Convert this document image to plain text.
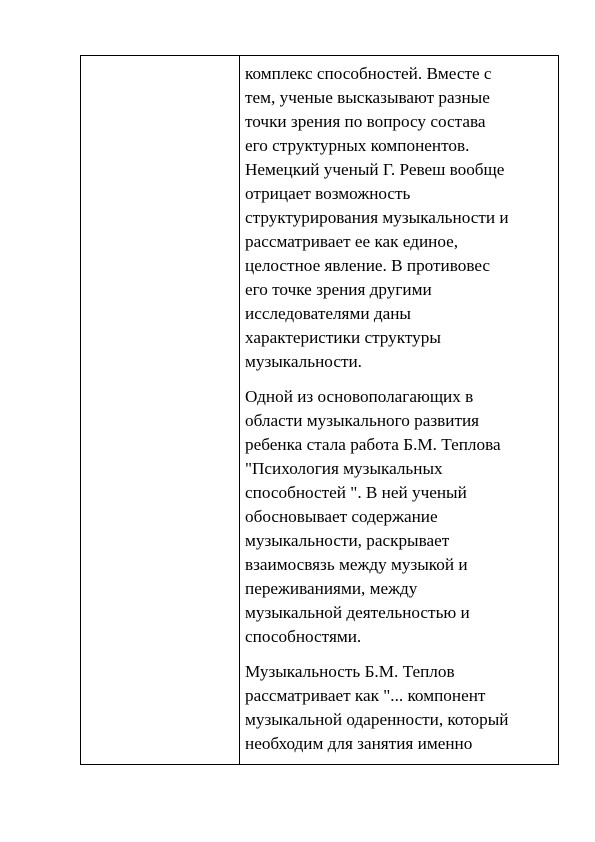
комплекс способностей. Вместе с
тем, ученые высказывают разные
точки зрения по вопросу состава
его структурных компонентов.
Немецкий ученый Г. Ревеш вообще
отрицает возможность
структурирования музыкальности и
рассматривает ее как единое,
целостное явление. В противовес
его точке зрения другими
исследователями даны
характеристики структуры
музыкальности.

Одной из основополагающих в
области музыкального развития
ребенка стала работа Б.М. Теплова
"Психология музыкальных
способностей ". В ней ученый
обосновывает содержание
музыкальности, раскрывает
взаимосвязь между музыкой и
переживаниями, между
музыкальной деятельностью и
способностями.

Музыкальность Б.М. Теплов
рассматривает как "... компонент
музыкальной одаренности, который
необходим для занятия именно
